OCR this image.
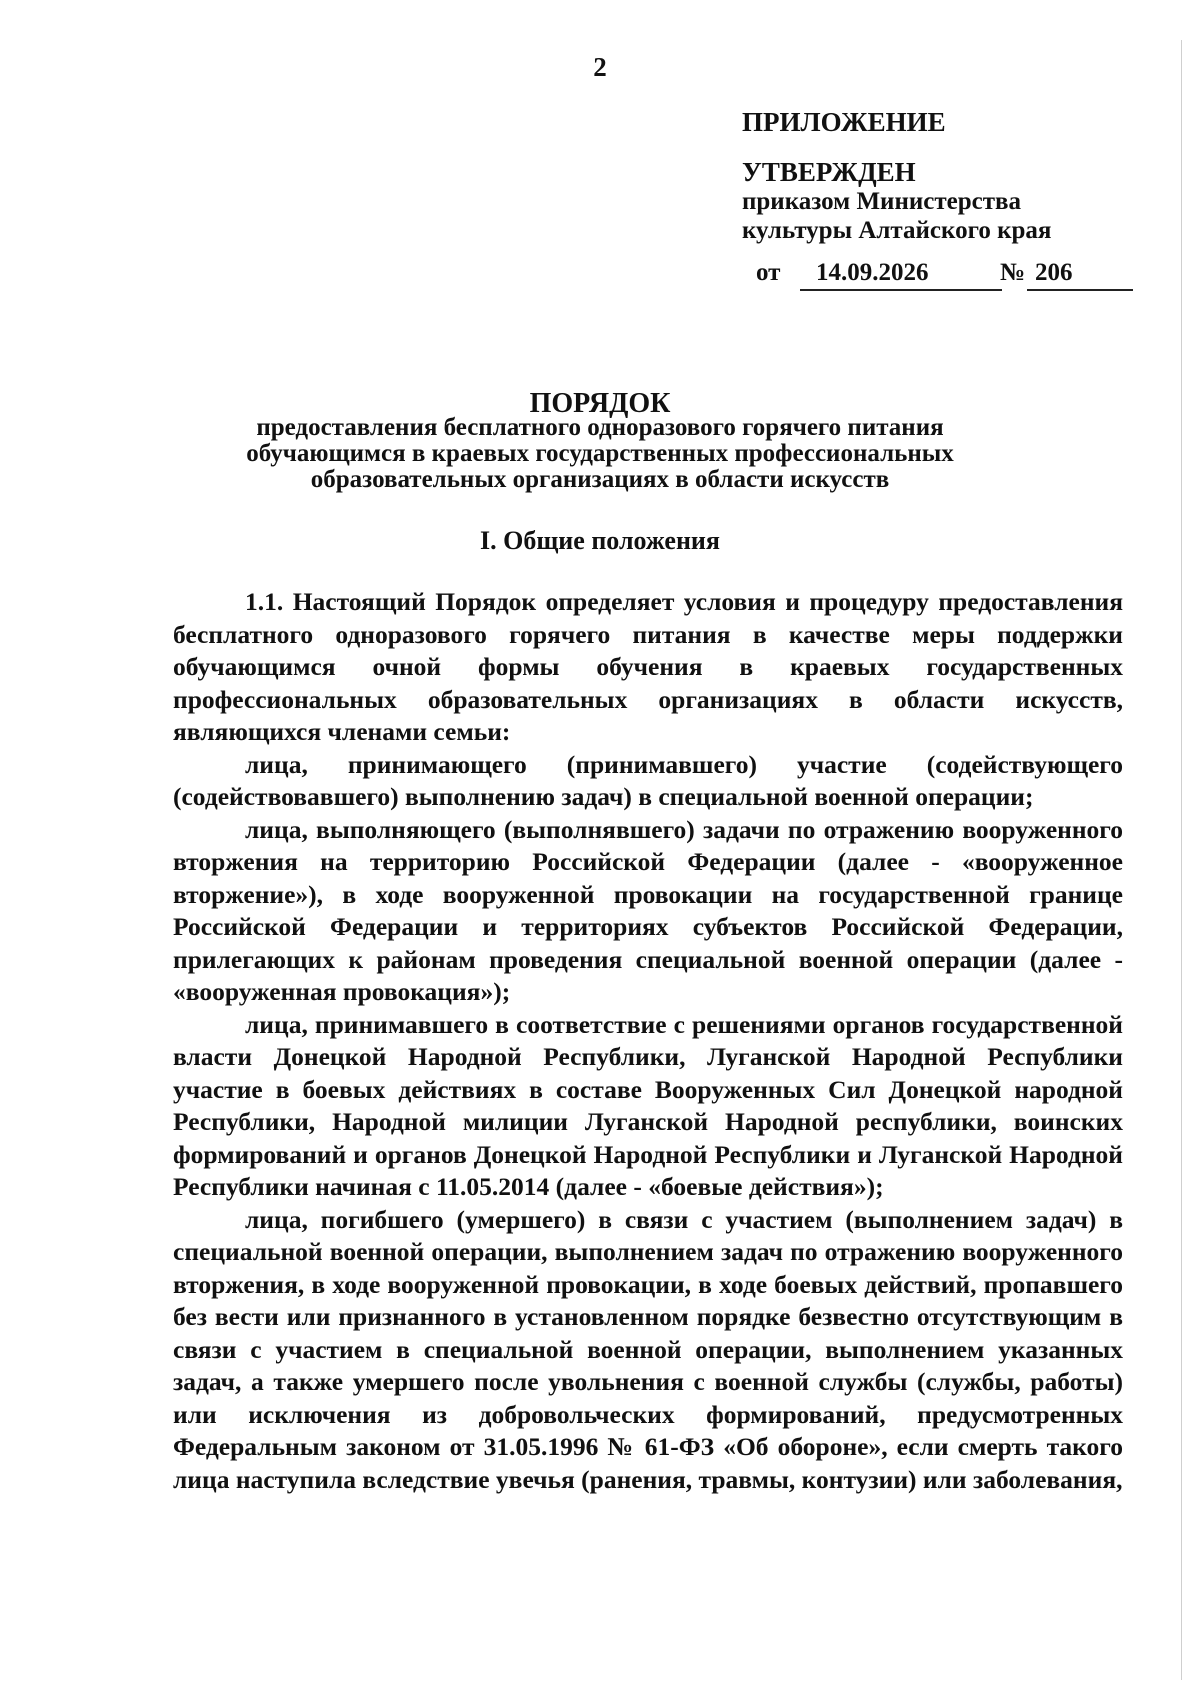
2
ПРИЛОЖЕНИЕ
УТВЕРЖДЕН
приказом Министерства
культуры Алтайского края
от	14.09.2026	№ 206
ПОРЯДОК
предоставления бесплатного одноразового горячего питания обучающимся в краевых государственных профессиональных образовательных организациях в области искусств
I. Общие положения

1.1. Настоящий Порядок определяет условия и процедуру предоставления бесплатного одноразового горячего питания в качестве меры поддержки обучающимся очной формы обучения в краевых государственных профессиональных образовательных организациях в области искусств, являющихся членами семьи:

лица, принимающего (принимавшего) участие (содействующего (содействовавшего) выполнению задач) в специальной военной операции;

лица, выполняющего (выполнявшего) задачи по отражению вооруженного вторжения на территорию Российской Федерации (далее - «вооруженное вторжение»), в ходе вооруженной провокации на государственной границе Российской Федерации и территориях субъектов Российской Федерации, прилегающих к районам проведения специальной военной операции (далее - «вооруженная провокация»);

лица, принимавшего в соответствие с решениями органов государственной власти Донецкой Народной Республики, Луганской Народной Республики участие в боевых действиях в составе Вооруженных Сил Донецкой народной Республики, Народной милиции Луганской Народной республики, воинских формирований и органов Донецкой Народной Республики и Луганской Народной Республики начиная с 11.05.2014 (далее - «боевые действия»);

лица, погибшего (умершего) в связи с участием (выполнением задач) в специальной военной операции, выполнением задач по отражению вооруженного вторжения, в ходе вооруженной провокации, в ходе боевых действий, пропавшего без вести или признанного в установленном порядке безвестно отсутствующим в связи с участием в специальной военной операции, выполнением указанных задач, а также умершего после увольнения с военной службы (службы, работы) или исключения из добровольческих формирований, предусмотренных Федеральным законом от 31.05.1996 № 61-ФЗ «Об обороне», если смерть такого лица наступила вследствие увечья (ранения, травмы, контузии) или заболевания,
